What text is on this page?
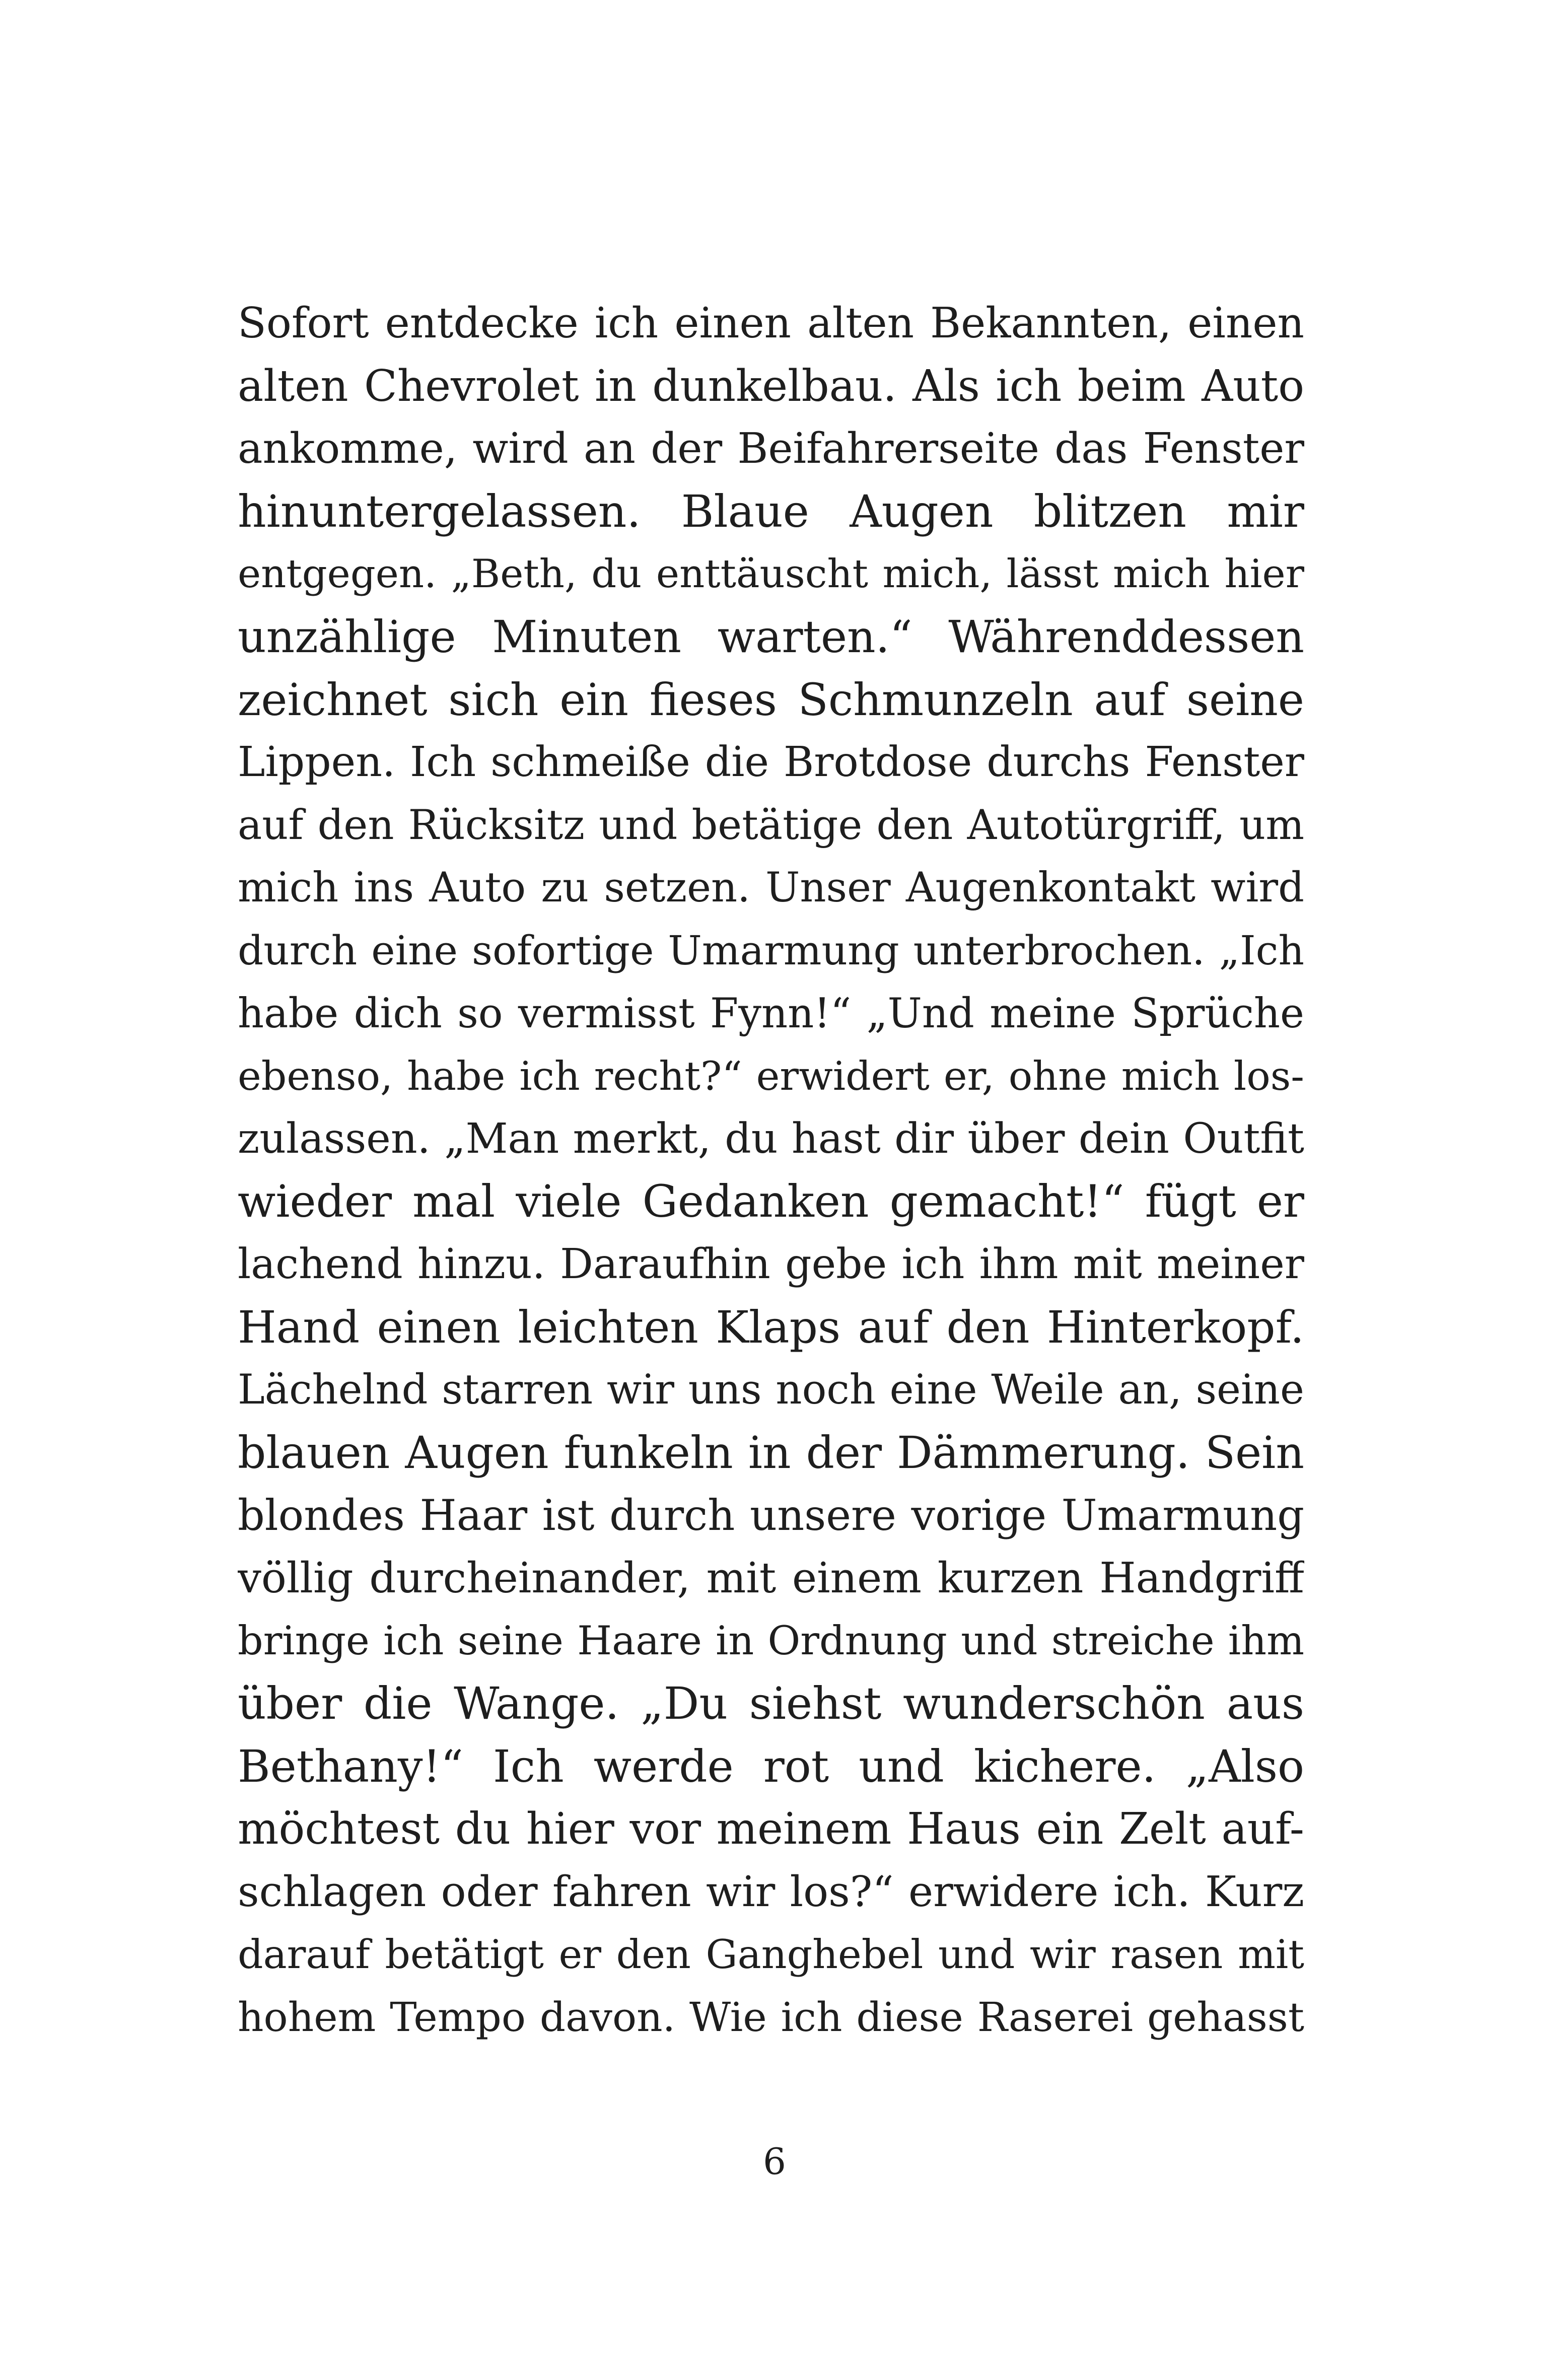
Sofort entdecke ich einen alten Bekannten, einen
alten Chevrolet in dunkelbau. Als ich beim Auto
ankomme, wird an der Beifahrerseite das Fenster
hinuntergelassen. Blaue Augen blitzen mir
entgegen. „Beth, du enttäuscht mich, lässt mich hier
unzählige Minuten warten.“ Währenddessen
zeichnet sich ein fieses Schmunzeln auf seine
Lippen. Ich schmeiße die Brotdose durchs Fenster
auf den Rücksitz und betätige den Autotürgriff, um
mich ins Auto zu setzen. Unser Augenkontakt wird
durch eine sofortige Umarmung unterbrochen. „Ich
habe dich so vermisst Fynn!“ „Und meine Sprüche
ebenso, habe ich recht?“ erwidert er, ohne mich los-
zulassen. „Man merkt, du hast dir über dein Outfit
wieder mal viele Gedanken gemacht!“ fügt er
lachend hinzu. Daraufhin gebe ich ihm mit meiner
Hand einen leichten Klaps auf den Hinterkopf.
Lächelnd starren wir uns noch eine Weile an, seine
blauen Augen funkeln in der Dämmerung. Sein
blondes Haar ist durch unsere vorige Umarmung
völlig durcheinander, mit einem kurzen Handgriff
bringe ich seine Haare in Ordnung und streiche ihm
über die Wange. „Du siehst wunderschön aus
Bethany!“ Ich werde rot und kichere. „Also
möchtest du hier vor meinem Haus ein Zelt auf-
schlagen oder fahren wir los?“ erwidere ich. Kurz
darauf betätigt er den Ganghebel und wir rasen mit
hohem Tempo davon. Wie ich diese Raserei gehasst
6
